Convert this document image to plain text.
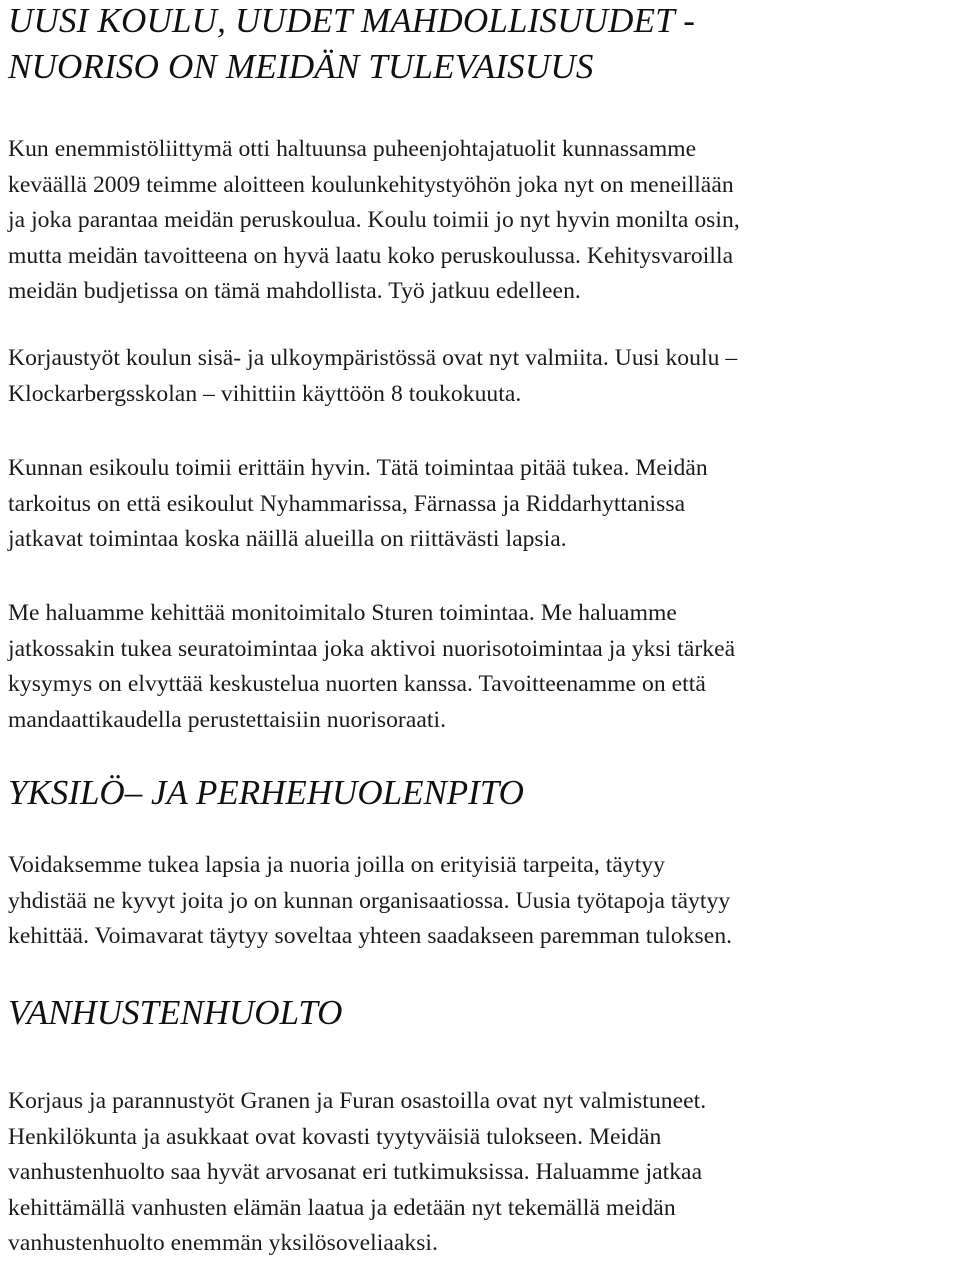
UUSI KOULU, UUDET MAHDOLLISUUDET -
NUORISO ON MEIDÄN TULEVAISUUS
Kun enemmistöliittymä otti haltuunsa puheenjohtajatuolit kunnassamme
keväällä 2009 teimme aloitteen koulunkehitystyöhön joka nyt on meneillään
ja joka parantaa meidän peruskoulua. Koulu toimii jo nyt hyvin monilta osin,
mutta meidän tavoitteena on hyvä laatu koko peruskoulussa. Kehitysvaroilla
meidän budjetissa on tämä mahdollista. Työ jatkuu edelleen.
Korjaustyöt koulun sisä- ja ulkoympäristössä ovat nyt valmiita. Uusi koulu –
Klockarbergsskolan – vihittiin käyttöön 8 toukokuuta.
Kunnan esikoulu toimii erittäin hyvin. Tätä toimintaa pitää tukea. Meidän
tarkoitus on että esikoulut Nyhammarissa, Färnassa ja Riddarhyttanissa
jatkavat toimintaa koska näillä alueilla on riittävästi lapsia.
Me haluamme kehittää monitoimitalo Sturen toimintaa. Me haluamme
jatkossakin tukea seuratoimintaa joka aktivoi nuorisotoimintaa ja yksi tärkeä
kysymys on elvyttää keskustelua nuorten kanssa. Tavoitteenamme on että
mandaattikaudella perustettaisiin nuorisoraati.
YKSILÖ– JA PERHEHUOLENPITO
Voidaksemme tukea lapsia ja nuoria joilla on erityisiä tarpeita, täytyy
yhdistää ne kyvyt joita jo on kunnan organisaatiossa. Uusia työtapoja täytyy
kehittää. Voimavarat täytyy soveltaa yhteen saadakseen paremman tuloksen.
VANHUSTENHUOLTO
Korjaus ja parannustyöt Granen ja Furan osastoilla ovat nyt valmistuneet.
Henkilökunta ja asukkaat ovat kovasti tyytyväisiä tulokseen. Meidän
vanhustenhuolto saa hyvät arvosanat eri tutkimuksissa. Haluamme jatkaa
kehittämällä vanhusten elämän laatua ja edetään nyt tekemällä meidän
vanhustenhuolto enemmän yksilösoveliaaksi.
